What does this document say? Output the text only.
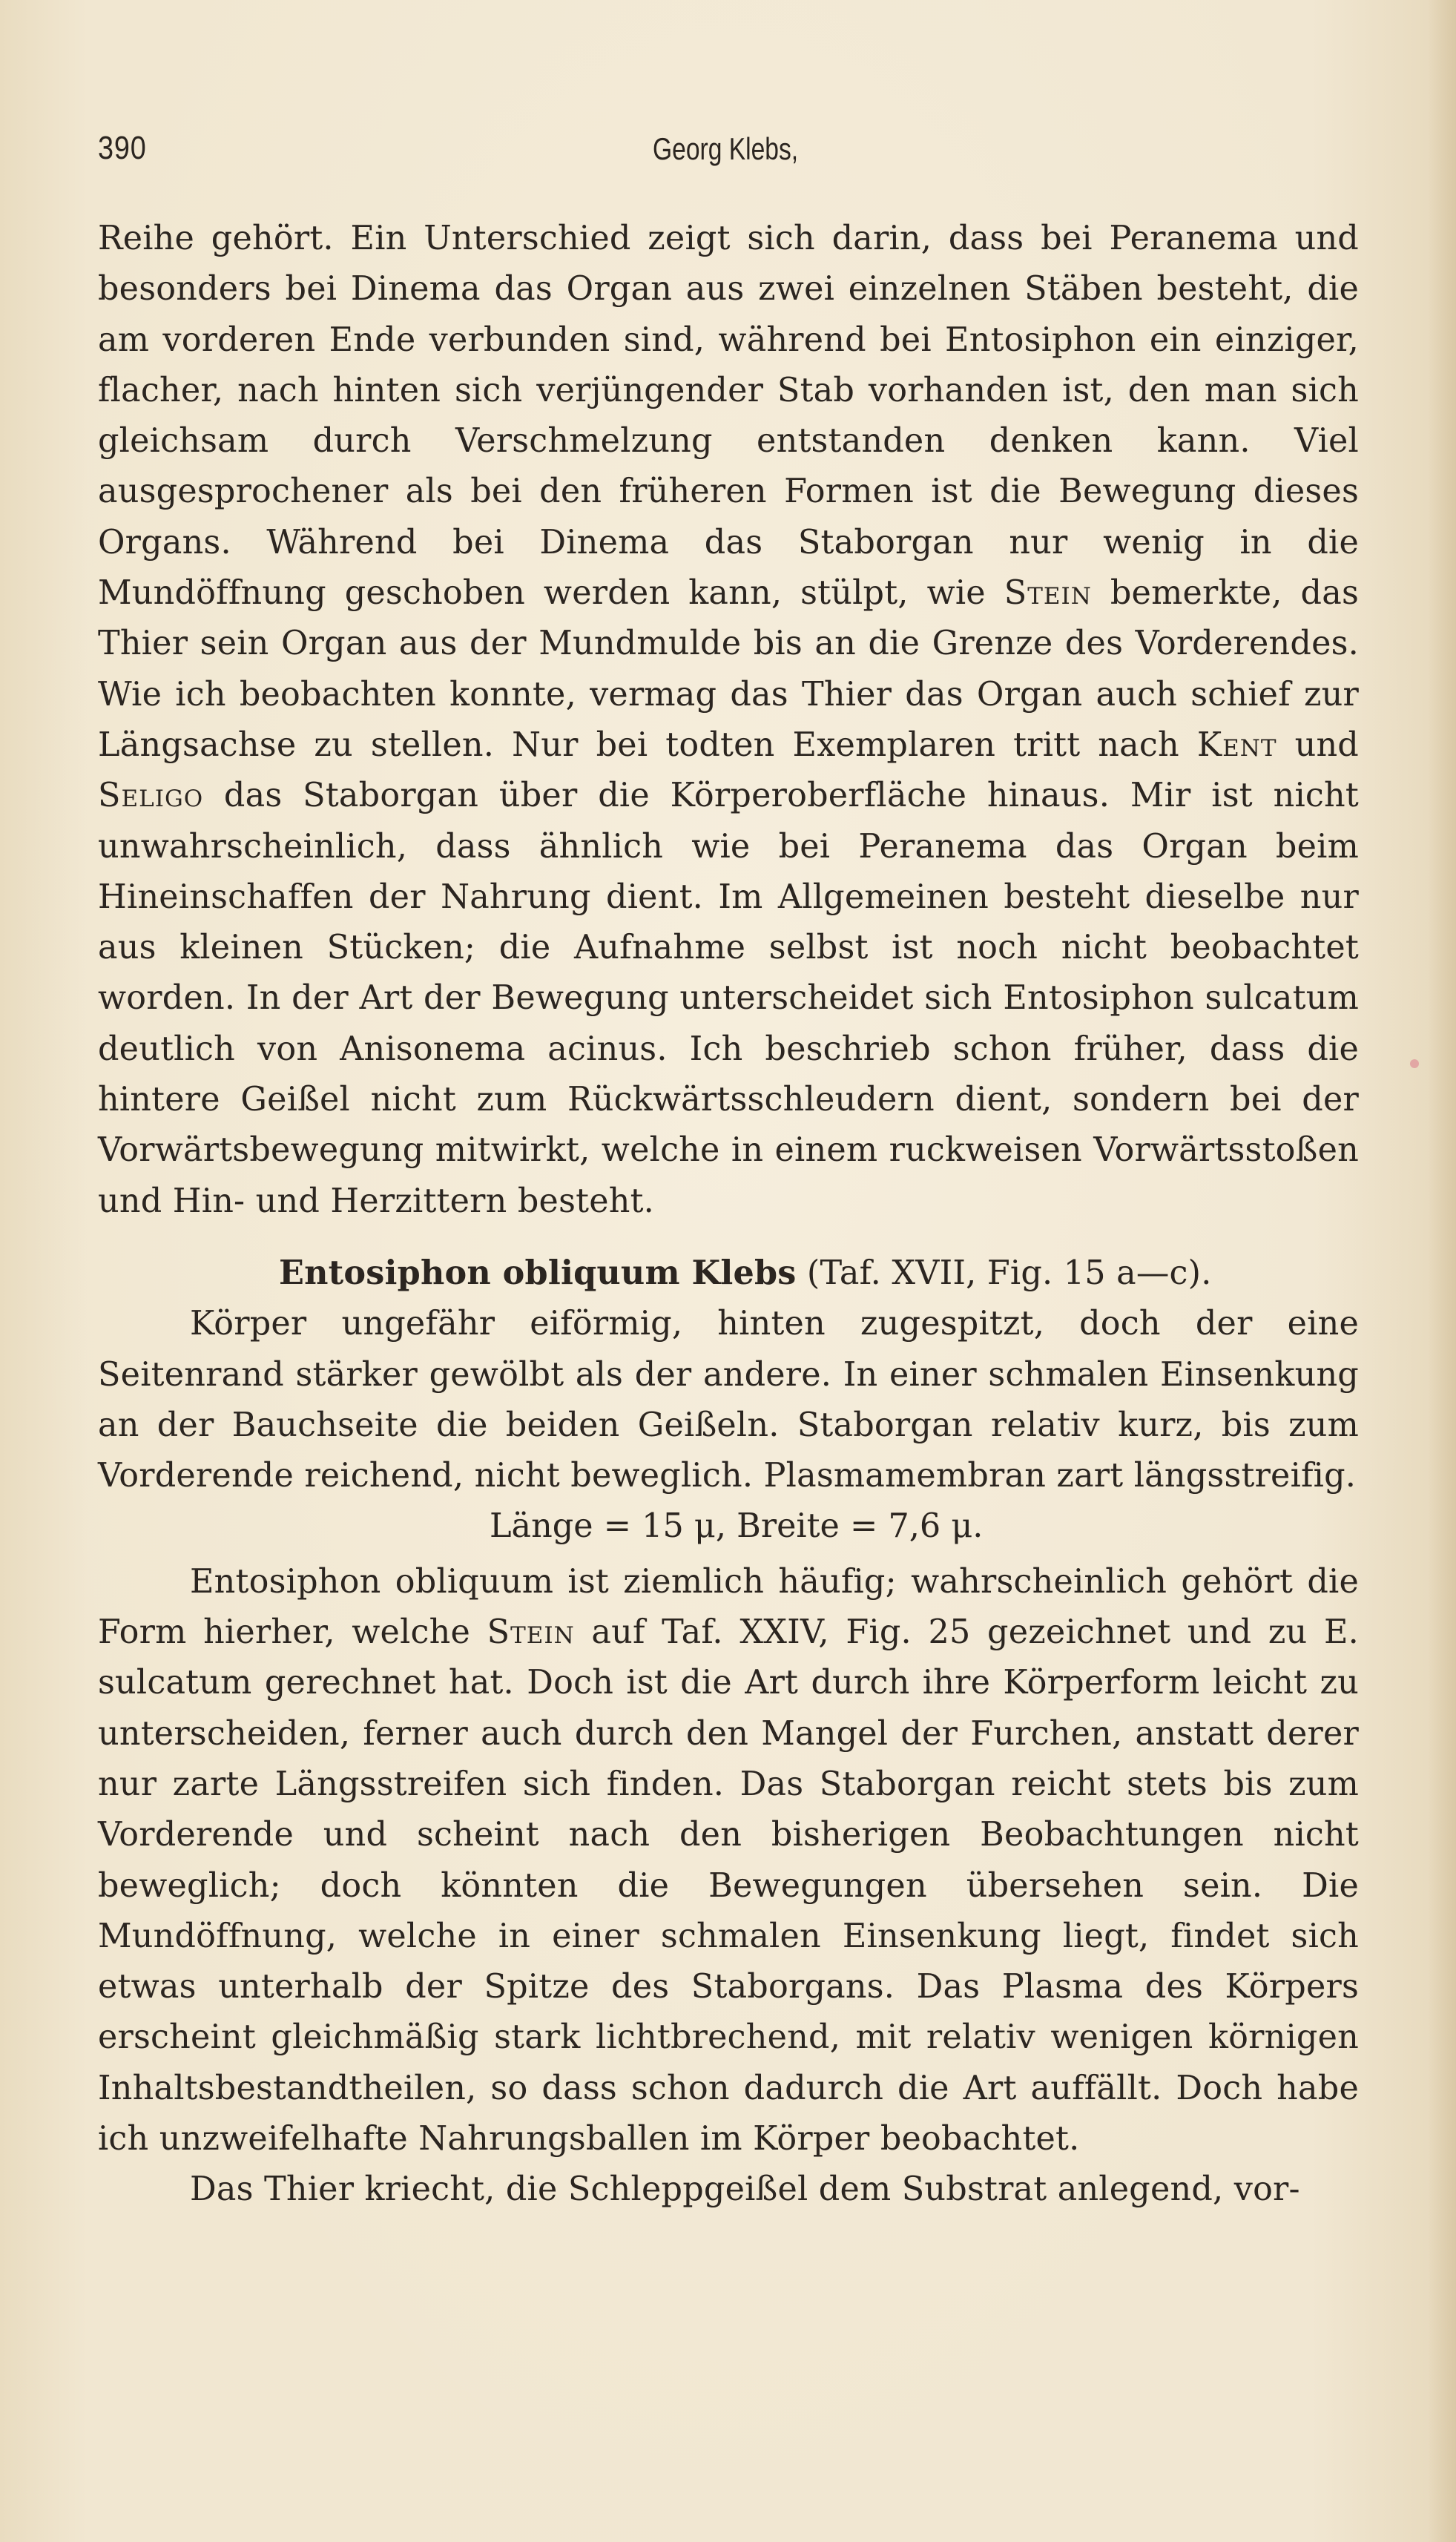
390	Georg Klebs,

Reihe gehört. Ein Unterschied zeigt sich darin, dass bei Peranema und besonders bei Dinema das Organ aus zwei einzelnen Stäben besteht, die am vorderen Ende verbunden sind, während bei Entosiphon ein einziger, flacher, nach hinten sich verjüngender Stab vorhanden ist, den man sich gleichsam durch Verschmelzung entstanden denken kann. Viel ausgesprochener als bei den früheren Formen ist die Bewegung dieses Organs. Während bei Dinema das Staborgan nur wenig in die Mundöffnung geschoben werden kann, stülpt, wie Stein bemerkte, das Thier sein Organ aus der Mundmulde bis an die Grenze des Vorderendes. Wie ich beobachten konnte, vermag das Thier das Organ auch schief zur Längsachse zu stellen. Nur bei todten Exemplaren tritt nach Kent und Seligo das Staborgan über die Körperoberfläche hinaus. Mir ist nicht unwahrscheinlich, dass ähnlich wie bei Peranema das Organ beim Hineinschaffen der Nahrung dient. Im Allgemeinen besteht dieselbe nur aus kleinen Stücken; die Aufnahme selbst ist noch nicht beobachtet worden. In der Art der Bewegung unterscheidet sich Entosiphon sulcatum deutlich von Anisonema acinus. Ich beschrieb schon früher, dass die hintere Geißel nicht zum Rückwärtsschleudern dient, sondern bei der Vorwärtsbewegung mitwirkt, welche in einem ruckweisen Vorwärtsstoßen und Hin- und Herzittern besteht.

Entosiphon obliquum Klebs (Taf. XVII, Fig. 15 a—c).

Körper ungefähr eiförmig, hinten zugespitzt, doch der eine Seitenrand stärker gewölbt als der andere. In einer schmalen Einsenkung an der Bauchseite die beiden Geißeln. Staborgan relativ kurz, bis zum Vorderende reichend, nicht beweglich. Plasmamembran zart längsstreifig.

Länge = 15 μ, Breite = 7,6 μ.

Entosiphon obliquum ist ziemlich häufig; wahrscheinlich gehört die Form hierher, welche Stein auf Taf. XXIV, Fig. 25 gezeichnet und zu E. sulcatum gerechnet hat. Doch ist die Art durch ihre Körperform leicht zu unterscheiden, ferner auch durch den Mangel der Furchen, anstatt derer nur zarte Längsstreifen sich finden. Das Staborgan reicht stets bis zum Vorderende und scheint nach den bisherigen Beobachtungen nicht beweglich; doch könnten die Bewegungen übersehen sein. Die Mundöffnung, welche in einer schmalen Einsenkung liegt, findet sich etwas unterhalb der Spitze des Staborgans. Das Plasma des Körpers erscheint gleichmäßig stark lichtbrechend, mit relativ wenigen körnigen Inhaltsbestandtheilen, so dass schon dadurch die Art auffällt. Doch habe ich unzweifelhafte Nahrungsballen im Körper beobachtet.

Das Thier kriecht, die Schleppgeißel dem Substrat anlegend, vor-
